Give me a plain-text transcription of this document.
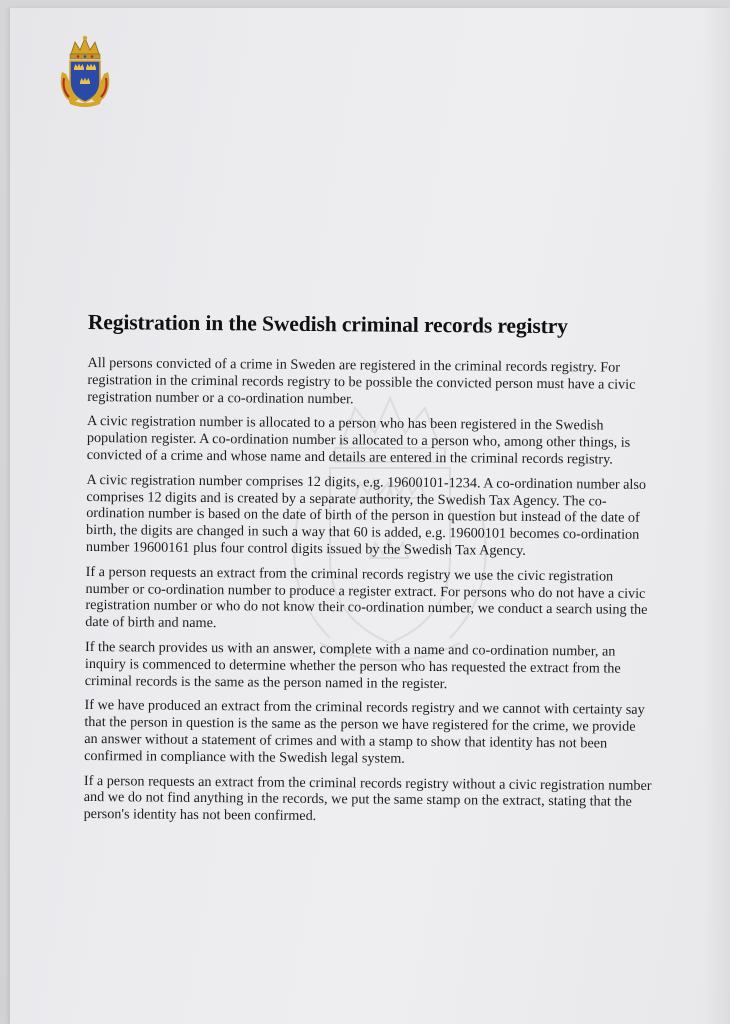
Registration in the Swedish criminal records registry

All persons convicted of a crime in Sweden are registered in the criminal records registry. For registration in the criminal records registry to be possible the convicted person must have a civic registration number or a co-ordination number.

A civic registration number is allocated to a person who has been registered in the Swedish population register. A co-ordination number is allocated to a person who, among other things, is convicted of a crime and whose name and details are entered in the criminal records registry.

A civic registration number comprises 12 digits, e.g. 19600101-1234. A co-ordination number also comprises 12 digits and is created by a separate authority, the Swedish Tax Agency. The co-ordination number is based on the date of birth of the person in question but instead of the date of birth, the digits are changed in such a way that 60 is added, e.g. 19600101 becomes co-ordination number 19600161 plus four control digits issued by the Swedish Tax Agency.

If a person requests an extract from the criminal records registry we use the civic registration number or co-ordination number to produce a register extract. For persons who do not have a civic registration number or who do not know their co-ordination number, we conduct a search using the date of birth and name.

If the search provides us with an answer, complete with a name and co-ordination number, an inquiry is commenced to determine whether the person who has requested the extract from the criminal records is the same as the person named in the register.

If we have produced an extract from the criminal records registry and we cannot with certainty say that the person in question is the same as the person we have registered for the crime, we provide an answer without a statement of crimes and with a stamp to show that identity has not been confirmed in compliance with the Swedish legal system.

If a person requests an extract from the criminal records registry without a civic registration number and we do not find anything in the records, we put the same stamp on the extract, stating that the person's identity has not been confirmed.
